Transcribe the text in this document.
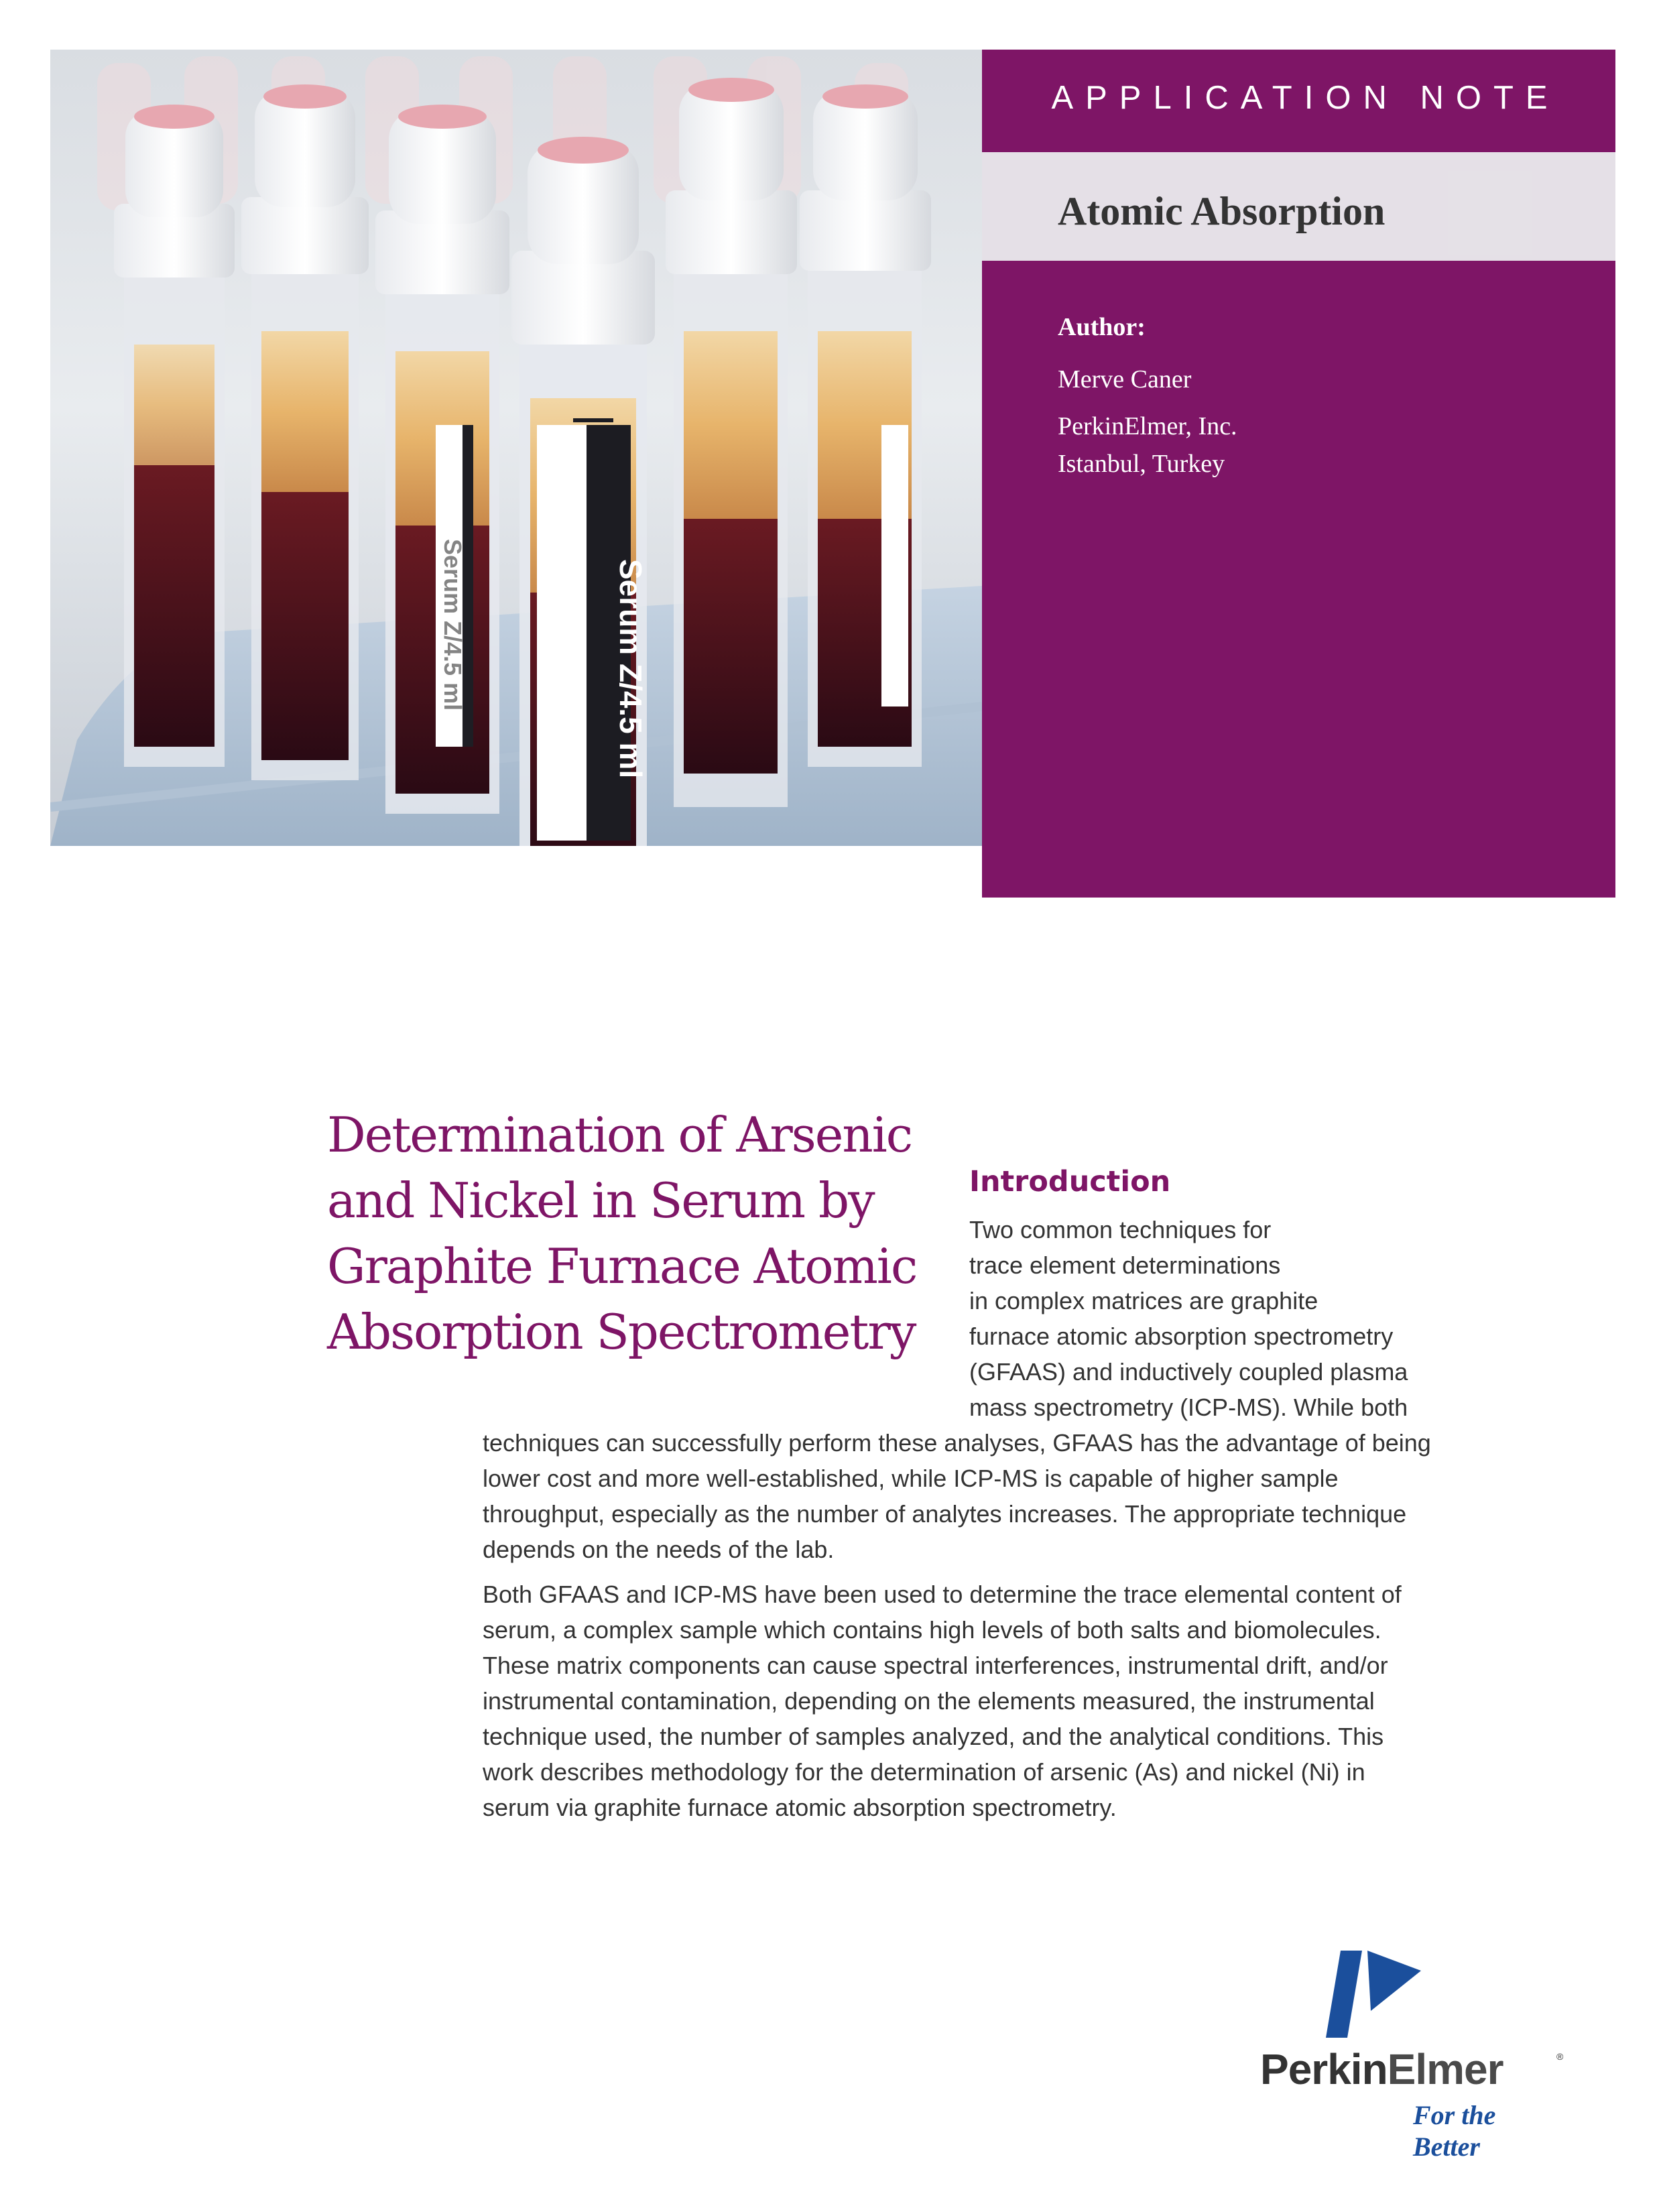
Serum Z/4.5 ml
Serum Z/4.5 ml
APPLICATION NOTE
Atomic Absorption
Author:
Merve Caner
PerkinElmer, Inc.
Istanbul, Turkey
Determination of Arsenic
and Nickel in Serum by
Graphite Furnace Atomic
Absorption Spectrometry
Introduction
Two common techniques for
trace element determinations
in complex matrices are graphite
furnace atomic absorption spectrometry
(GFAAS) and inductively coupled plasma
mass spectrometry (ICP-MS). While both
techniques can successfully perform these analyses, GFAAS has the advantage of being
lower cost and more well-established, while ICP-MS is capable of higher sample
throughput, especially as the number of analytes increases. The appropriate technique
depends on the needs of the lab.
Both GFAAS and ICP-MS have been used to determine the trace elemental content of
serum, a complex sample which contains high levels of both salts and biomolecules.
These matrix components can cause spectral interferences, instrumental drift, and/or
instrumental contamination, depending on the elements measured, the instrumental
technique used, the number of samples analyzed, and the analytical conditions. This
work describes methodology for the determination of arsenic (As) and nickel (Ni) in
serum via graphite furnace atomic absorption spectrometry.
PerkinElmer	®
For the Better
